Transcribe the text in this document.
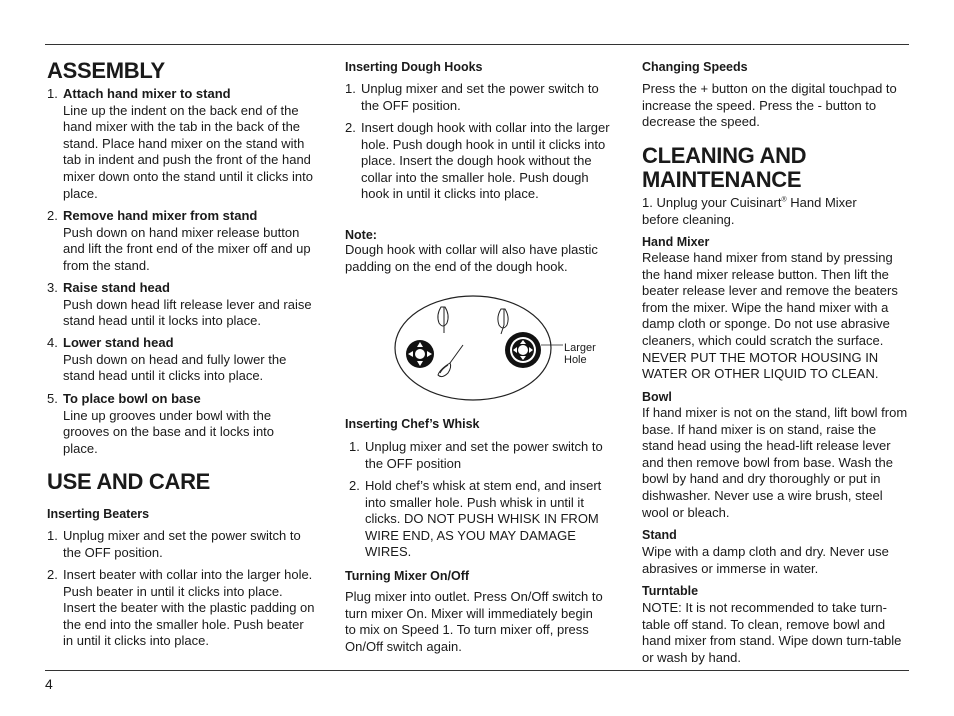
ASSEMBLY
1. Attach hand mixer to stand
Line up the indent on the back end of the hand mixer with the tab in the back of the stand. Place hand mixer on the stand with tab in indent and push the front of the hand mixer down onto the stand until it clicks into place.
2. Remove hand mixer from stand
Push down on hand mixer release button and lift the front end of the mixer off and up from the stand.
3. Raise stand head
Push down head lift release lever and raise stand head until it locks into place.
4. Lower stand head
Push down on head and fully lower the stand head until it clicks into place.
5. To place bowl on base
Line up grooves under bowl with the grooves on the base and it locks into place.
USE AND CARE
Inserting Beaters
1. Unplug mixer and set the power switch to the OFF position.
2. Insert beater with collar into the larger hole. Push beater in until it clicks into place. Insert the beater with the plastic padding on the end into the smaller hole. Push beater in until it clicks into place.
Inserting Dough Hooks
1. Unplug mixer and set the power switch to the OFF position.
2. Insert dough hook with collar into the larger hole. Push dough hook in until it clicks into place. Insert the dough hook without the collar into the smaller hole. Push dough hook in until it clicks into place.
Note:
Dough hook with collar will also have plastic padding on the end of the dough hook.
Inserting Chef’s Whisk
1. Unplug mixer and set the power switch to the OFF position
2. Hold chef’s whisk at stem end, and insert into smaller hole. Push whisk in until it clicks. DO NOT PUSH WHISK IN FROM WIRE END, AS YOU MAY DAMAGE WIRES.
Turning Mixer On/Off
Plug mixer into outlet. Press On/Off switch to turn mixer On. Mixer will immediately begin to mix on Speed 1. To turn mixer off, press On/Off switch again.
Larger Hole
Changing Speeds
Press the + button on the digital touchpad to increase the speed. Press the - button to decrease the speed.
CLEANING AND MAINTENANCE
1. Unplug your Cuisinart® Hand Mixer before cleaning.
Hand Mixer
Release hand mixer from stand by pressing the hand mixer release button. Then lift the beater release lever and remove the beaters from the mixer. Wipe the hand mixer with a damp cloth or sponge. Do not use abrasive cleaners, which could scratch the surface. NEVER PUT THE MOTOR HOUSING IN WATER OR OTHER LIQUID TO CLEAN.
Bowl
If hand mixer is not on the stand, lift bowl from base. If hand mixer is on stand, raise the stand head using the head-lift release lever and then remove bowl from base. Wash the bowl by hand and dry thoroughly or put in dishwasher. Never use a wire brush, steel wool or bleach.
Stand
Wipe with a damp cloth and dry. Never use abrasives or immerse in water.
Turntable
NOTE: It is not recommended to take turn-table off stand. To clean, remove bowl and hand mixer from stand. Wipe down turn-table or wash by hand.
4
